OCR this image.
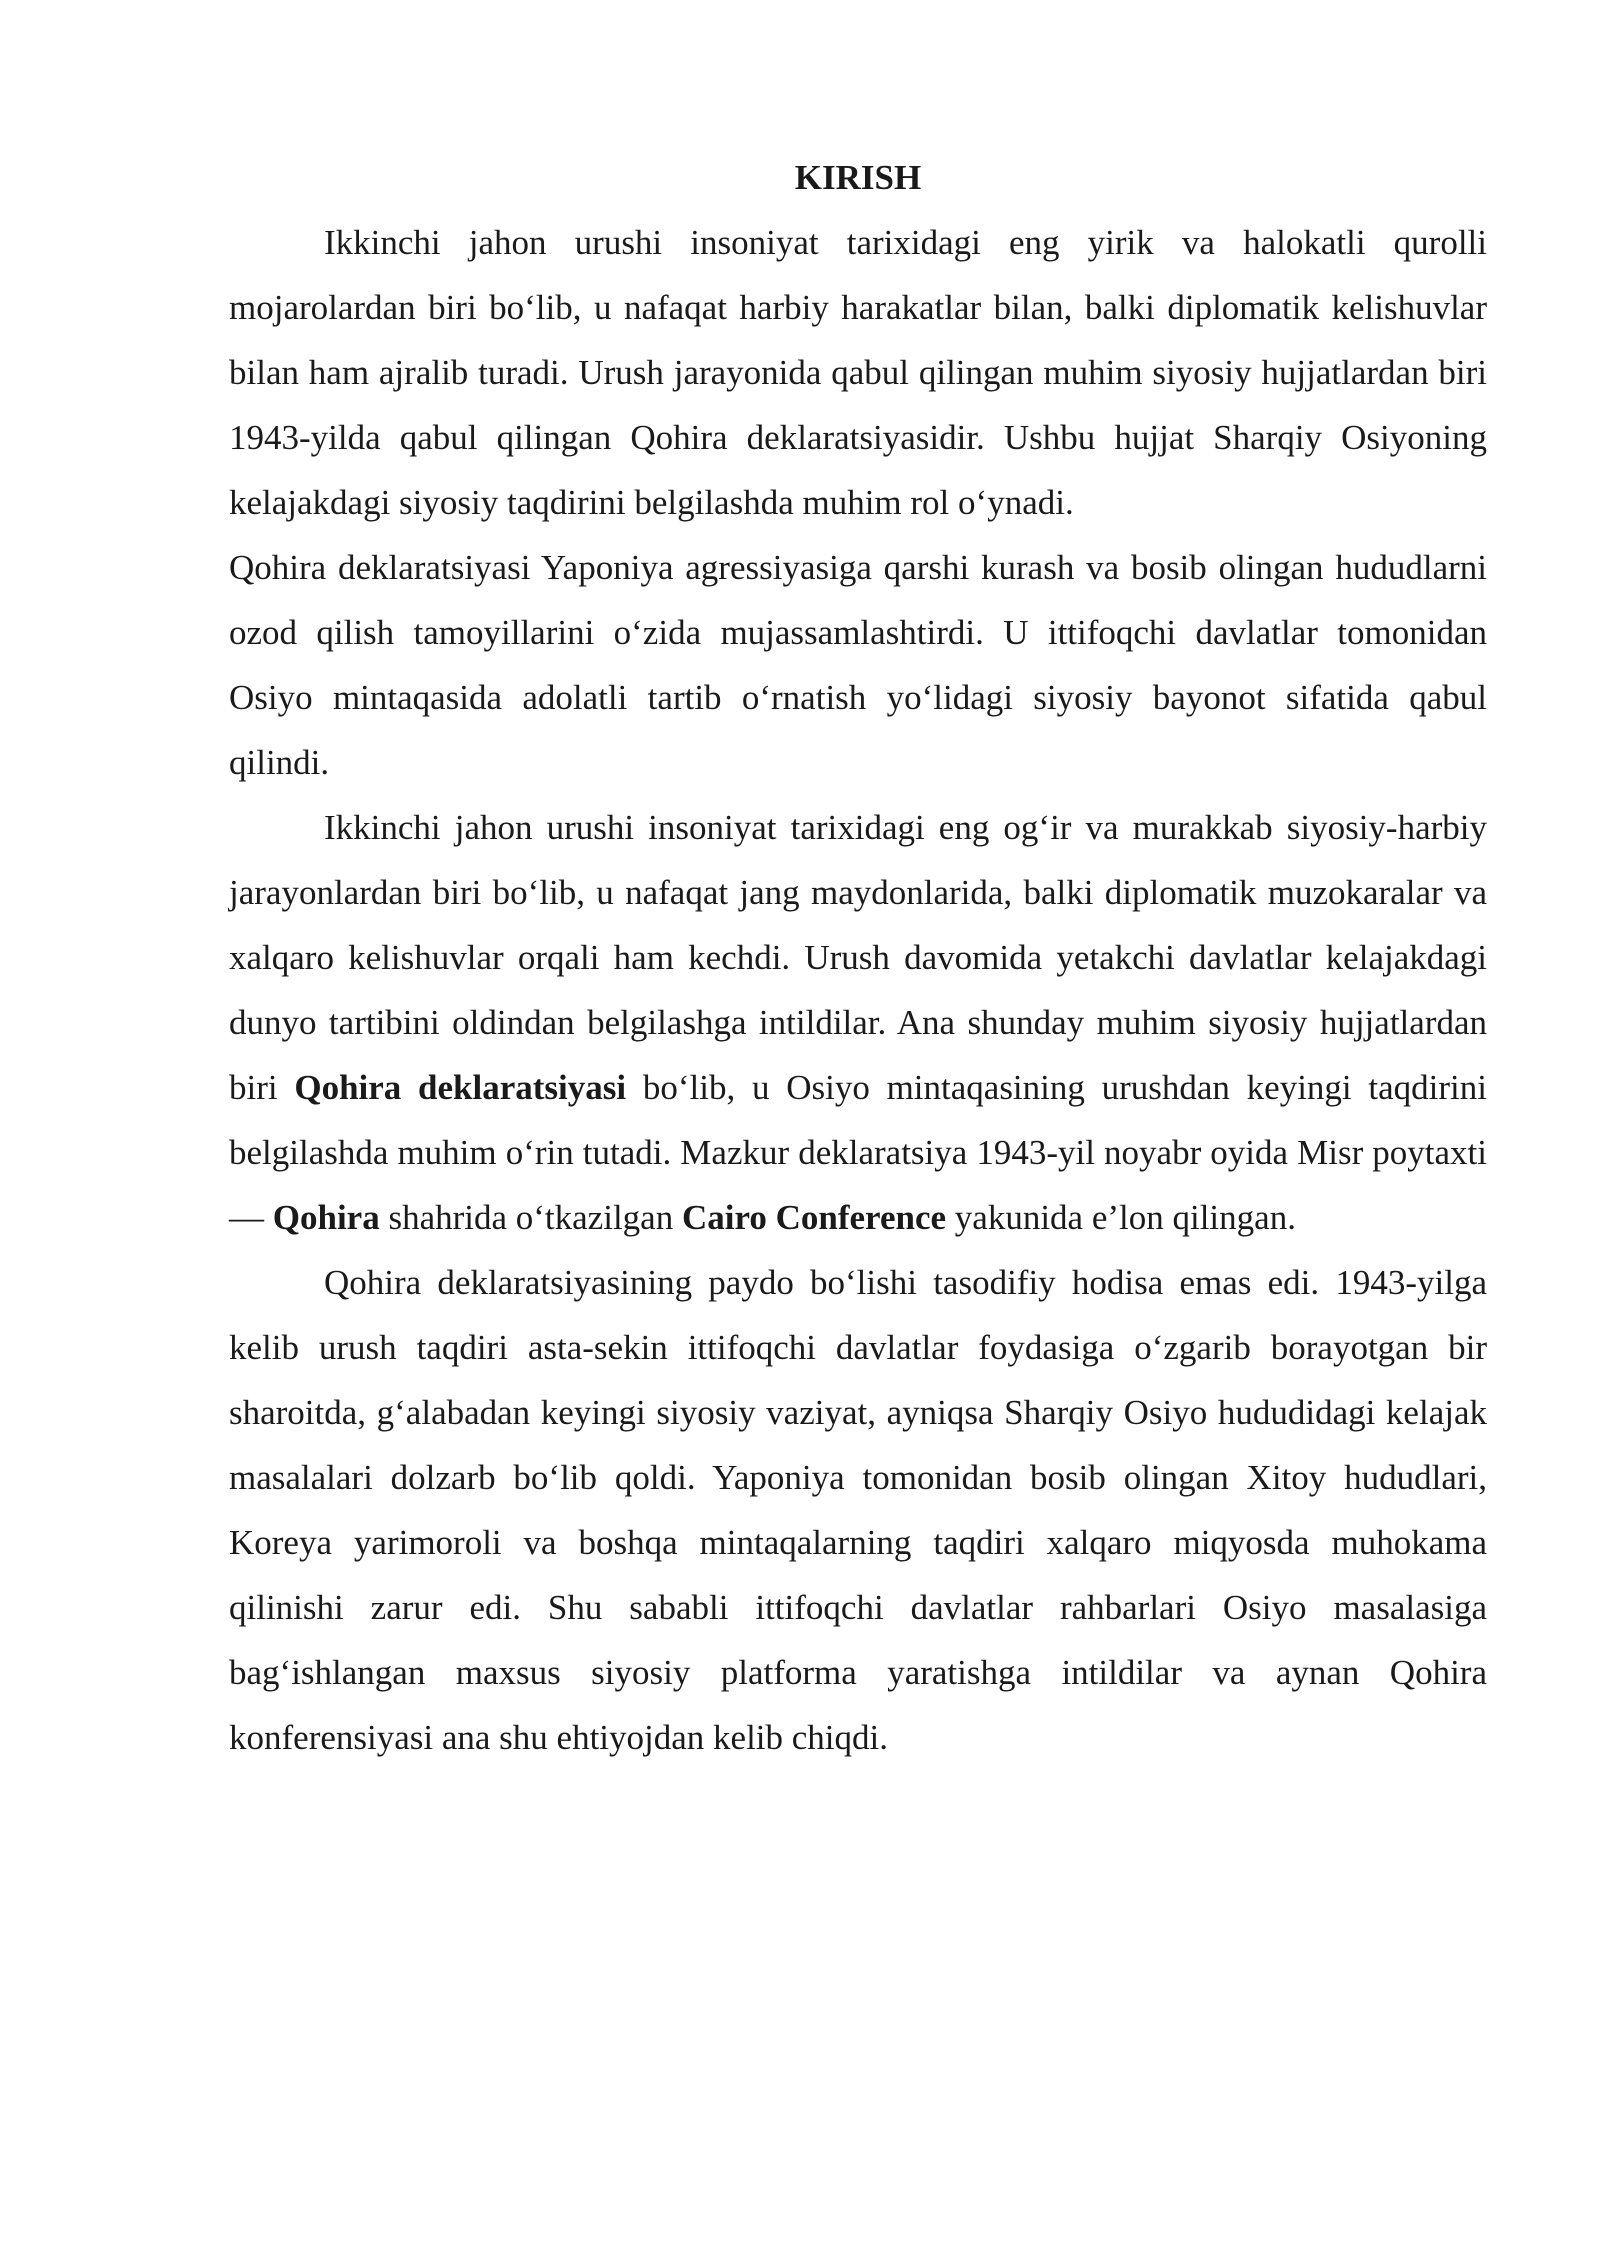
KIRISH

Ikkinchi jahon urushi insoniyat tarixidagi eng yirik va halokatli qurolli mojarolardan biri bo‘lib, u nafaqat harbiy harakatlar bilan, balki diplomatik kelishuvlar bilan ham ajralib turadi. Urush jarayonida qabul qilingan muhim siyosiy hujjatlardan biri 1943-yilda qabul qilingan Qohira deklaratsiyasidir. Ushbu hujjat Sharqiy Osiyoning kelajakdagi siyosiy taqdirini belgilashda muhim rol o‘ynadi.

Qohira deklaratsiyasi Yaponiya agressiyasiga qarshi kurash va bosib olingan hududlarni ozod qilish tamoyillarini o‘zida mujassamlashtirdi. U ittifoqchi davlatlar tomonidan Osiyo mintaqasida adolatli tartib o‘rnatish yo‘lidagi siyosiy bayonot sifatida qabul qilindi.

Ikkinchi jahon urushi insoniyat tarixidagi eng og‘ir va murakkab siyosiy-harbiy jarayonlardan biri bo‘lib, u nafaqat jang maydonlarida, balki diplomatik muzokaralar va xalqaro kelishuvlar orqali ham kechdi. Urush davomida yetakchi davlatlar kelajakdagi dunyo tartibini oldindan belgilashga intildilar. Ana shunday muhim siyosiy hujjatlardan biri Qohira deklaratsiyasi bo‘lib, u Osiyo mintaqasining urushdan keyingi taqdirini belgilashda muhim o‘rin tutadi. Mazkur deklaratsiya 1943-yil noyabr oyida Misr poytaxti — Qohira shahrida o‘tkazilgan Cairo Conference yakunida e’lon qilingan.

Qohira deklaratsiyasining paydo bo‘lishi tasodifiy hodisa emas edi. 1943-yilga kelib urush taqdiri asta-sekin ittifoqchi davlatlar foydasiga o‘zgarib borayotgan bir sharoitda, g‘alabadan keyingi siyosiy vaziyat, ayniqsa Sharqiy Osiyo hududidagi kelajak masalalari dolzarb bo‘lib qoldi. Yaponiya tomonidan bosib olingan Xitoy hududlari, Koreya yarimoroli va boshqa mintaqalarning taqdiri xalqaro miqyosda muhokama qilinishi zarur edi. Shu sababli ittifoqchi davlatlar rahbarlari Osiyo masalasiga bag‘ishlangan maxsus siyosiy platforma yaratishga intildilar va aynan Qohira konferensiyasi ana shu ehtiyojdan kelib chiqdi.
